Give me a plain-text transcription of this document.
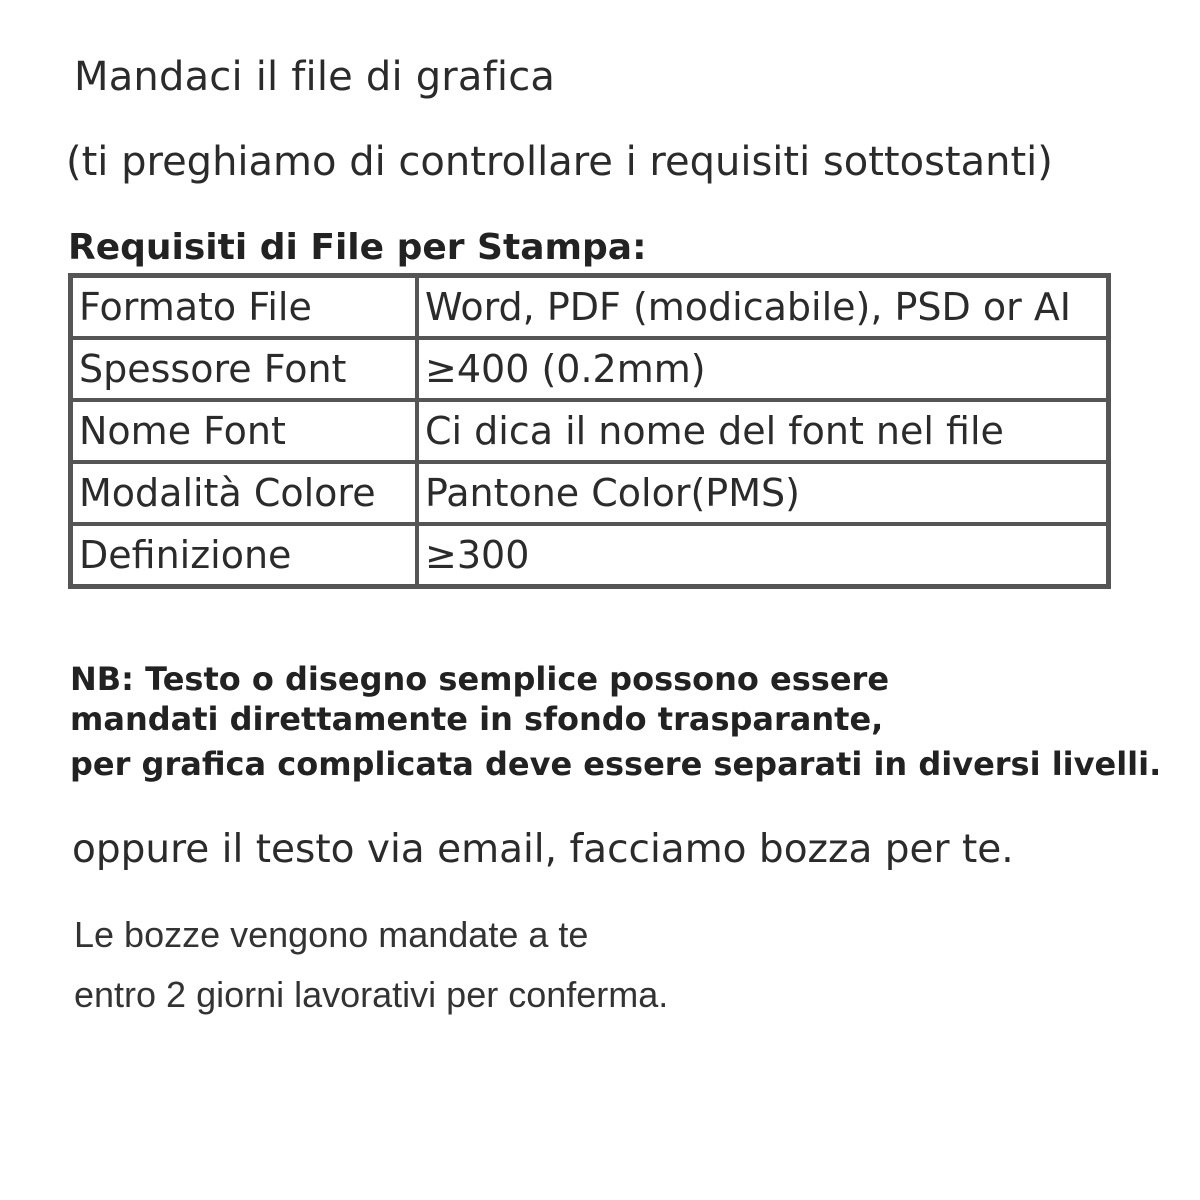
Mandaci il file di grafica
(ti preghiamo di controllare i requisiti sottostanti)
Requisiti di File per Stampa:
Formato File	Word, PDF (modicabile), PSD or AI
Spessore Font	≥400 (0.2mm)
Nome Font	Ci dica il nome del font nel file
Modalità Colore	Pantone Color(PMS)
Definizione	≥300
NB: Testo o disegno semplice possono essere
mandati direttamente in sfondo trasparante,
per grafica complicata deve essere separati in diversi livelli.
oppure il testo via email, facciamo bozza per te.
Le bozze vengono mandate a te
entro 2 giorni lavorativi per conferma.
